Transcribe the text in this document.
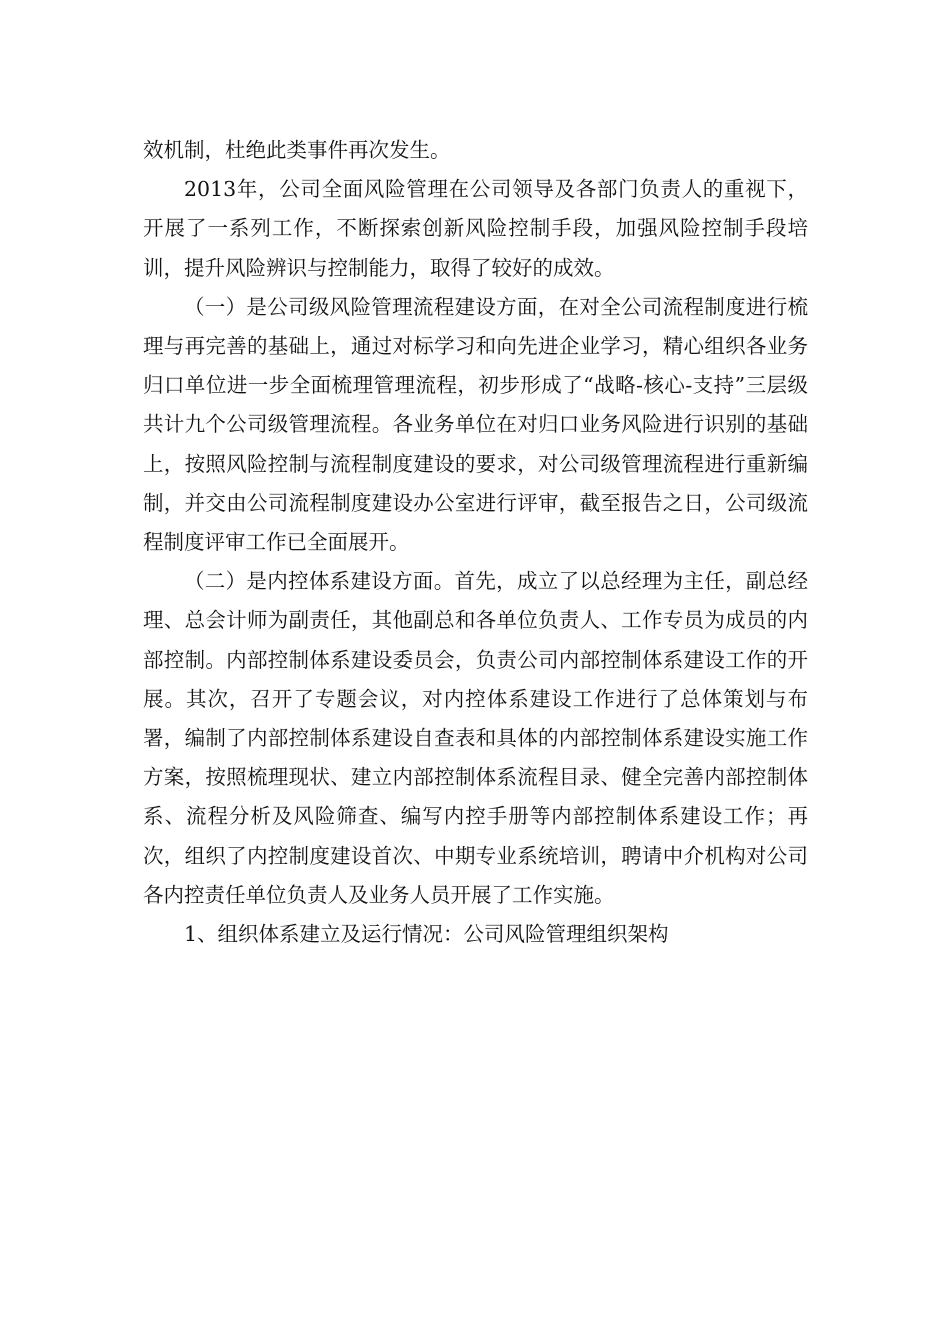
效机制，杜绝此类事件再次发生。

2013年，公司全面风险管理在公司领导及各部门负责人的重视下，开展了一系列工作，不断探索创新风险控制手段，加强风险控制手段培训，提升风险辨识与控制能力，取得了较好的成效。

（一）是公司级风险管理流程建设方面，在对全公司流程制度进行梳理与再完善的基础上，通过对标学习和向先进企业学习，精心组织各业务归口单位进一步全面梳理管理流程，初步形成了“战略-核心-支持”三层级共计九个公司级管理流程。各业务单位在对归口业务风险进行识别的基础上，按照风险控制与流程制度建设的要求，对公司级管理流程进行重新编制，并交由公司流程制度建设办公室进行评审，截至报告之日，公司级流程制度评审工作已全面展开。

（二）是内控体系建设方面。首先，成立了以总经理为主任，副总经理、总会计师为副责任，其他副总和各单位负责人、工作专员为成员的内部控制。内部控制体系建设委员会，负责公司内部控制体系建设工作的开展。其次，召开了专题会议，对内控体系建设工作进行了总体策划与布署，编制了内部控制体系建设自查表和具体的内部控制体系建设实施工作方案，按照梳理现状、建立内部控制体系流程目录、健全完善内部控制体系、流程分析及风险筛查、编写内控手册等内部控制体系建设工作；再次，组织了内控制度建设首次、中期专业系统培训，聘请中介机构对公司各内控责任单位负责人及业务人员开展了工作实施。

1、组织体系建立及运行情况：公司风险管理组织架构
